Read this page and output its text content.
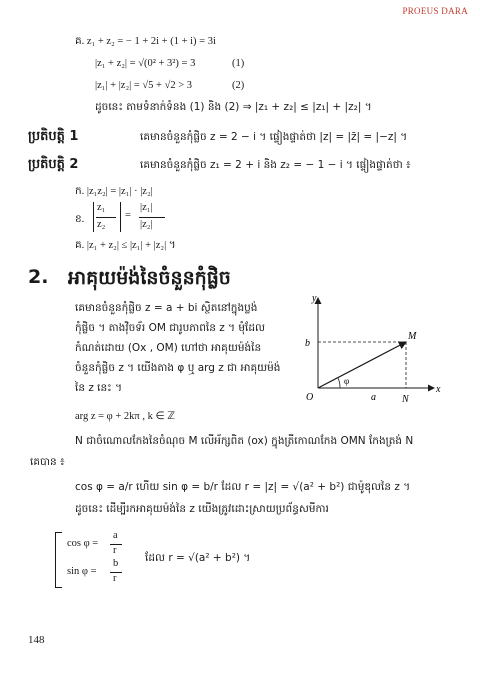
PROEUS DARA
គ. z₁ + z₂ = − 1 + 2i + (1 + i) = 3i
|z₁ + z₂| = √(0² + 3²) = 3	(1)
|z₁| + |z₂| = √5 + √2 > 3	(2)
ដូចនេះ តាមទំនាក់ទំនង (1) និង (2) ⇒ |z₁ + z₂| ≤ |z₁| + |z₂| ។
ប្រតិបត្តិ 1	គេមានចំនួនកុំផ្លិច z = 2 − i ។ ផ្ទៀងផ្ទាត់ថា |z| = |z̄| = |−z| ។
ប្រតិបត្តិ 2	គេមានចំនួនកុំផ្លិច z₁ = 2 + i និង z₂ = − 1 − i ។ ផ្ទៀងផ្ទាត់ថា ៖
ក. |z₁z₂| = |z₁| · |z₂|
ខ.
z₁
z₂
=
|z₁|
|z₂|
គ. |z₁ + z₂| ≤ |z₁| + |z₂| ។
2. អាគុយម៉ង់នៃចំនួនកុំផ្លិច
គេមានចំនួនកុំផ្លិច z = a + bi ស្ថិតនៅក្នុងប្លង់
កុំផ្លិច ។ តាងវ៉ិចទ័រ OM ជារូបភាពនៃ z ។ មុំដែល
កំណត់ដោយ (Ox , OM) ហៅថា អាគុយម៉ង់នៃ
ចំនួនកុំផ្លិច z ។ យើងតាង φ ឬ arg z ជា អាគុយម៉ង់
នៃ z នេះ ។
y
x
O
M
N
b
a
φ
arg z = φ + 2kπ , k ∈ ℤ
N ជាចំណោលកែងនៃចំណុច M លើអ័ក្សពិត (ox) ក្នុងត្រីកោណកែង OMN កែងត្រង់ N
គេបាន ៖
cos φ = a/r ហើយ sin φ = b/r ដែល r = |z| = √(a² + b²) ជាម៉ូឌុលនៃ z ។
ដូចនេះ ដើម្បីរកអាគុយម៉ង់នៃ z យើងត្រូវដោះស្រាយប្រព័ន្ធសមីការ
cos φ =
a
r
sin φ =
b
r
ដែល r = √(a² + b²) ។
148
